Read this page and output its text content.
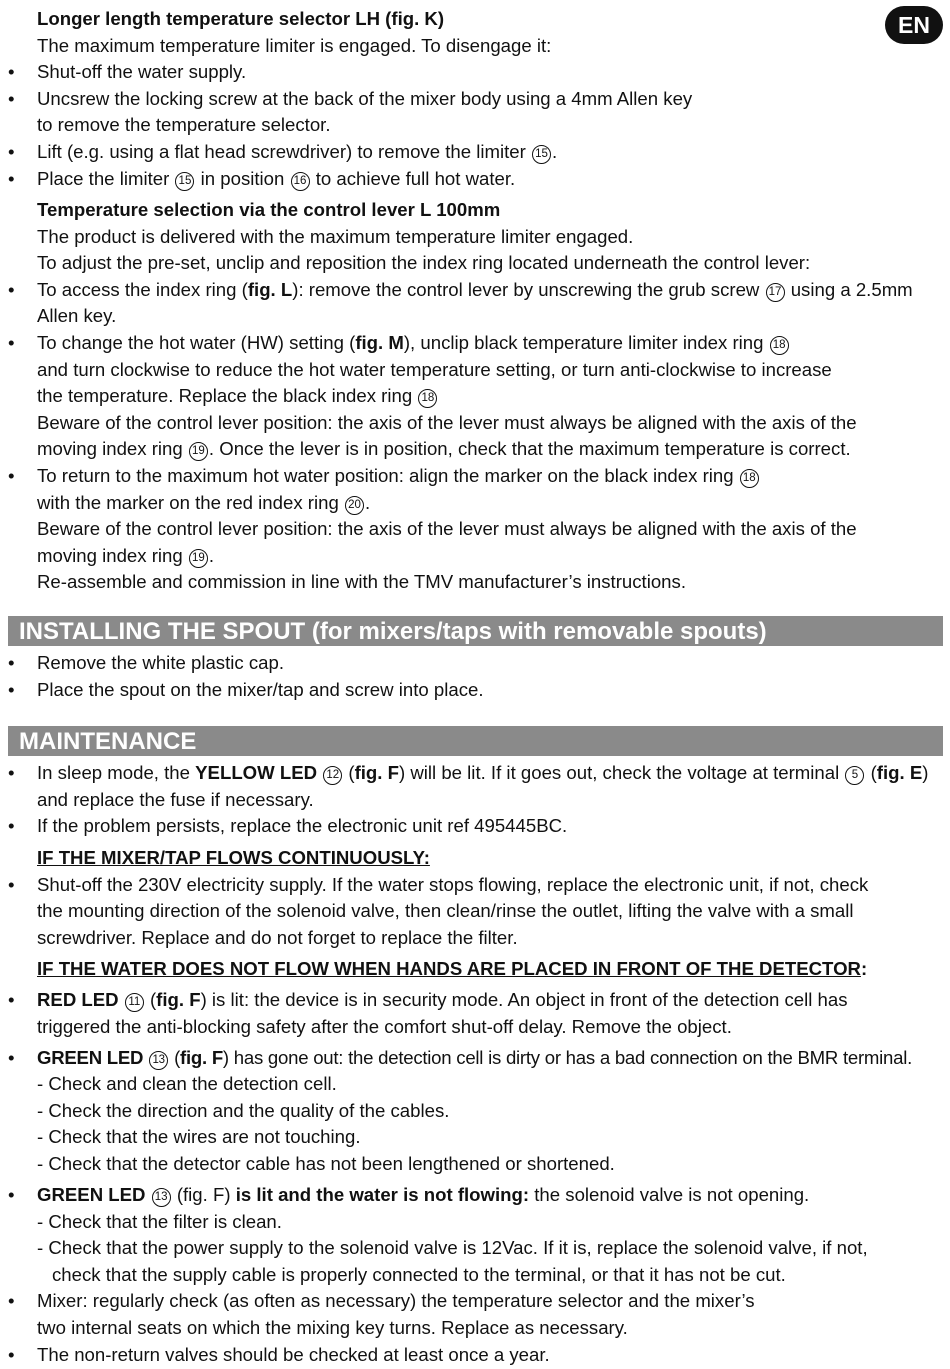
EN
Longer length temperature selector LH (fig. K)
The maximum temperature limiter is engaged. To disengage it:
• Shut-off the water supply.
• Uncsrew the locking screw at the back of the mixer body using a 4mm Allen key
to remove the temperature selector.
• Lift (e.g. using a flat head screwdriver) to remove the limiter 15 .
• Place the limiter 15 in position 16 to achieve full hot water.
Temperature selection via the control lever L 100mm
The product is delivered with the maximum temperature limiter engaged.
To adjust the pre-set, unclip and reposition the index ring located underneath the control lever:
• To access the index ring (fig. L): remove the control lever by unscrewing the grub screw 17 using a 2.5mm
Allen key.
• To change the hot water (HW) setting (fig. M), unclip black temperature limiter index ring 18
and turn clockwise to reduce the hot water temperature setting, or turn anti-clockwise to increase
the temperature. Replace the black index ring 18
Beware of the control lever position: the axis of the lever must always be aligned with the axis of the
moving index ring 19 . Once the lever is in position, check that the maximum temperature is correct.
• To return to the maximum hot water position: align the marker on the black index ring 18
with the marker on the red index ring 20 .
Beware of the control lever position: the axis of the lever must always be aligned with the axis of the
moving index ring 19 .
Re-assemble and commission in line with the TMV manufacturer’s instructions.
INSTALLING THE SPOUT (for mixers/taps with removable spouts)
• Remove the white plastic cap.
• Place the spout on the mixer/tap and screw into place.
MAINTENANCE
• In sleep mode, the YELLOW LED 12 (fig. F) will be lit. If it goes out, check the voltage at terminal 5 (fig. E)
and replace the fuse if necessary.
• If the problem persists, replace the electronic unit ref 495445BC.
IF THE MIXER/TAP FLOWS CONTINUOUSLY:
• Shut-off the 230V electricity supply. If the water stops flowing, replace the electronic unit, if not, check
the mounting direction of the solenoid valve, then clean/rinse the outlet, lifting the valve with a small
screwdriver. Replace and do not forget to replace the filter.
IF THE WATER DOES NOT FLOW WHEN HANDS ARE PLACED IN FRONT OF THE DETECTOR:
• RED LED 11 (fig. F) is lit: the device is in security mode. An object in front of the detection cell has
triggered the anti-blocking safety after the comfort shut-off delay. Remove the object.
• GREEN LED 13 (fig. F) has gone out: the detection cell is dirty or has a bad connection on the BMR terminal.
- Check and clean the detection cell.
- Check the direction and the quality of the cables.
- Check that the wires are not touching.
- Check that the detector cable has not been lengthened or shortened.
• GREEN LED 13 (fig. F) is lit and the water is not flowing: the solenoid valve is not opening.
- Check that the filter is clean.
- Check that the power supply to the solenoid valve is 12Vac. If it is, replace the solenoid valve, if not,
check that the supply cable is properly connected to the terminal, or that it has not be cut.
• Mixer: regularly check (as often as necessary) the temperature selector and the mixer’s
two internal seats on which the mixing key turns. Replace as necessary.
• The non-return valves should be checked at least once a year.
